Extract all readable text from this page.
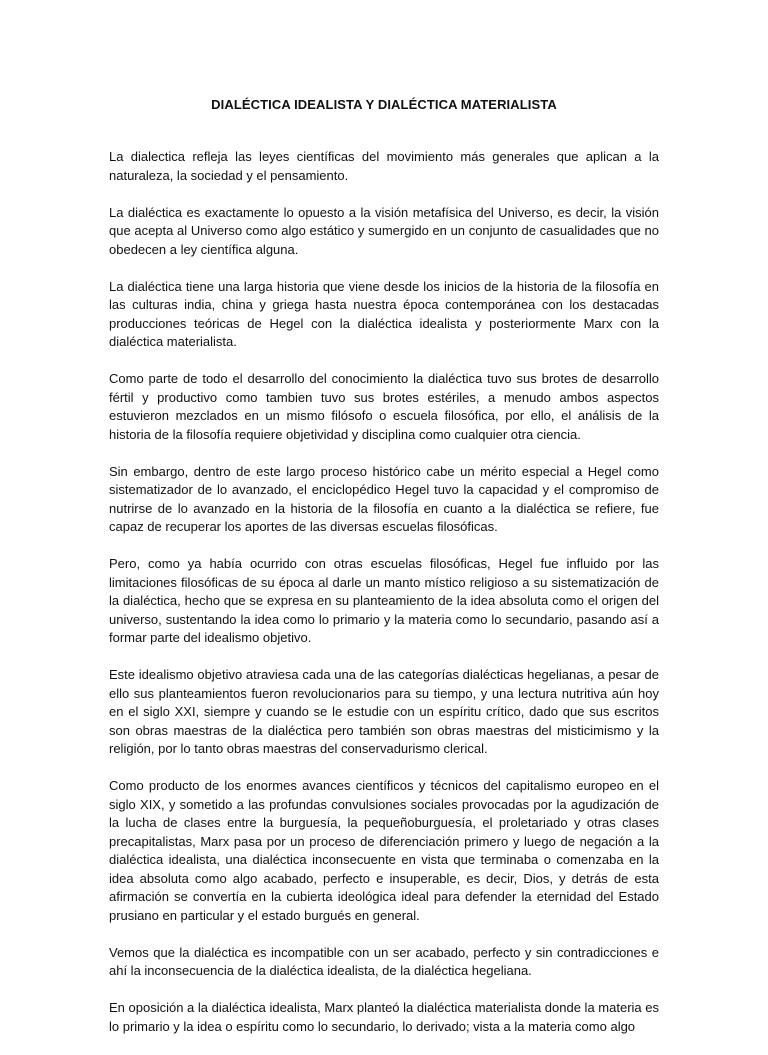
DIALÉCTICA IDEALISTA Y DIALÉCTICA MATERIALISTA

La dialectica refleja las leyes científicas del movimiento más generales que aplican a la naturaleza, la sociedad y el pensamiento.

La dialéctica es exactamente lo opuesto a la visión metafísica del Universo, es decir, la visión que acepta al Universo como algo estático y sumergido en un conjunto de casualidades que no obedecen a ley científica alguna.

La dialéctica tiene una larga historia que viene desde los inicios de la historia de la filosofía en las culturas india, china y griega hasta nuestra época contemporánea con los destacadas producciones teóricas de Hegel con la dialéctica idealista y posteriormente Marx con la dialéctica materialista.

Como parte de todo el desarrollo del conocimiento la dialéctica tuvo sus brotes de desarrollo fértil y productivo como tambien tuvo sus brotes estériles, a menudo ambos aspectos estuvieron mezclados en un mismo filósofo o escuela filosófica, por ello, el análisis de la historia de la filosofía requiere objetividad y disciplina como cualquier otra ciencia.

Sin embargo, dentro de este largo proceso histórico cabe un mérito especial a Hegel como sistematizador de lo avanzado, el enciclopédico Hegel tuvo la capacidad y el compromiso de nutrirse de lo avanzado en la historia de la filosofía en cuanto a la dialéctica se refiere, fue capaz de recuperar los aportes de las diversas escuelas filosóficas.

Pero, como ya había ocurrido con otras escuelas filosóficas, Hegel fue influido por las limitaciones filosóficas de su época al darle un manto místico religioso a su sistematización de la dialéctica, hecho que se expresa en su planteamiento de la idea absoluta como el origen del universo, sustentando la idea como lo primario y la materia como lo secundario, pasando así a formar parte del idealismo objetivo.

Este idealismo objetivo atraviesa cada una de las categorías dialécticas hegelianas, a pesar de ello sus planteamientos fueron revolucionarios para su tiempo, y una lectura nutritiva aún hoy en el siglo XXI, siempre y cuando se le estudie con un espíritu crítico, dado que sus escritos son obras maestras de la dialéctica pero también son obras maestras del misticimismo y la religión, por lo tanto obras maestras del conservadurismo clerical.

Como producto de los enormes avances científicos y técnicos del capitalismo europeo en el siglo XIX, y sometido a las profundas convulsiones sociales provocadas por la agudización de la lucha de clases entre la burguesía, la pequeñoburguesía, el proletariado y otras clases precapitalistas, Marx pasa por un proceso de diferenciación primero y luego de negación a la dialéctica idealista, una dialéctica inconsecuente en vista que terminaba o comenzaba en la idea absoluta como algo acabado, perfecto e insuperable, es decir, Dios, y detrás de esta afirmación se convertía en la cubierta ideológica ideal para defender la eternidad del Estado prusiano en particular y el estado burgués en general.

Vemos que la dialéctica es incompatible con un ser acabado, perfecto y sin contradicciones e ahí la inconsecuencia de la dialéctica idealista, de la dialéctica hegeliana.

En oposición a la dialéctica idealista, Marx planteó la dialéctica materialista donde la materia es lo primario y la idea o espíritu como lo secundario, lo derivado; vista a la materia como algo
